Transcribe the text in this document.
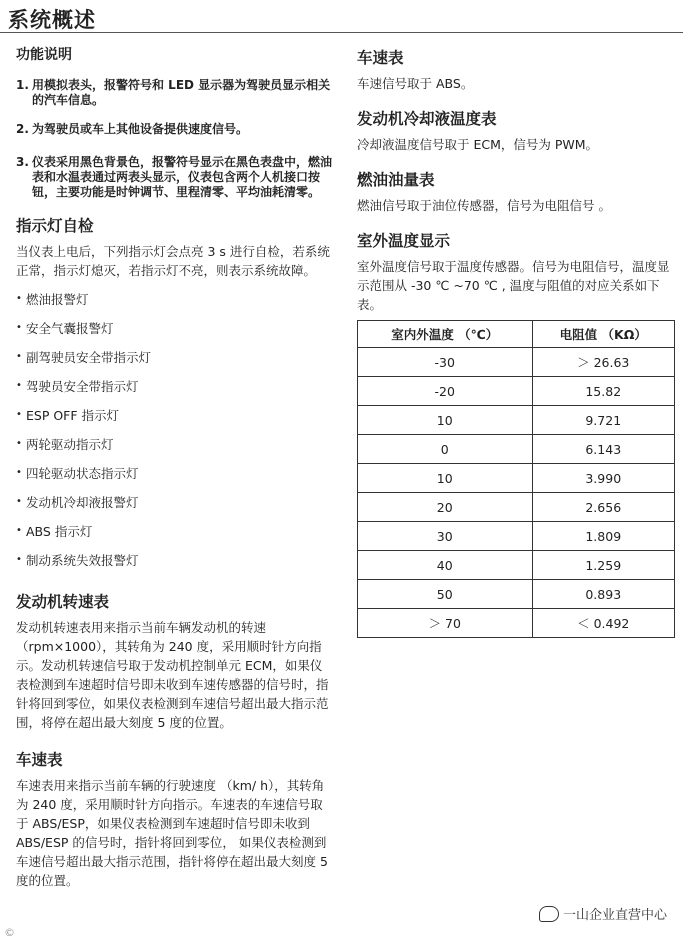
系统概述
功能说明
1. 用模拟表头，报警符号和 LED 显示器为驾驶员显示相关的汽车信息。
2. 为驾驶员或车上其他设备提供速度信号。
3. 仪表采用黑色背景色，报警符号显示在黑色表盘中，燃油表和水温表通过两表头显示，仪表包含两个人机接口按钮，主要功能是时钟调节、里程清零、平均油耗清零。
指示灯自检

当仪表上电后，下列指示灯会点亮 3 s 进行自检，若系统正常，指示灯熄灭，若指示灯不亮，则表示系统故障。

• 燃油报警灯
• 安全气囊报警灯
• 副驾驶员安全带指示灯
• 驾驶员安全带指示灯
• ESP OFF 指示灯
• 两轮驱动指示灯
• 四轮驱动状态指示灯
• 发动机冷却液报警灯
• ABS 指示灯
• 制动系统失效报警灯
发动机转速表

发动机转速表用来指示当前车辆发动机的转速（rpm×1000），其转角为 240 度，采用顺时针方向指示。发动机转速信号取于发动机控制单元 ECM，如果仪表检测到车速超时信号即未收到车速传感器的信号时，指针将回到零位，如果仪表检测到车速信号超出最大指示范围，将停在超出最大刻度 5 度的位置。

车速表

车速表用来指示当前车辆的行驶速度 （km/ h），其转角为 240 度，采用顺时针方向指示。车速表的车速信号取于 ABS/ESP，如果仪表检测到车速超时信号即未收到 ABS/ESP 的信号时，指针将回到零位， 如果仪表检测到车速信号超出最大指示范围，指针将停在超出最大刻度 5 度的位置。

车速表

车速信号取于 ABS。

发动机冷却液温度表

冷却液温度信号取于 ECM，信号为 PWM。

燃油油量表

燃油信号取于油位传感器，信号为电阻信号 。

室外温度显示

室外温度信号取于温度传感器。信号为电阻信号，温度显示范围从 -30 ℃ ~70 ℃ , 温度与阻值的对应关系如下表。

室内外温度 （℃）	电阻值 （KΩ）
-30	＞ 26.63
-20	15.82
10	9.721
0	6.143
10	3.990
20	2.656
30	1.809
40	1.259
50	0.893
＞ 70	＜ 0.492
一山企业直营中心
©
